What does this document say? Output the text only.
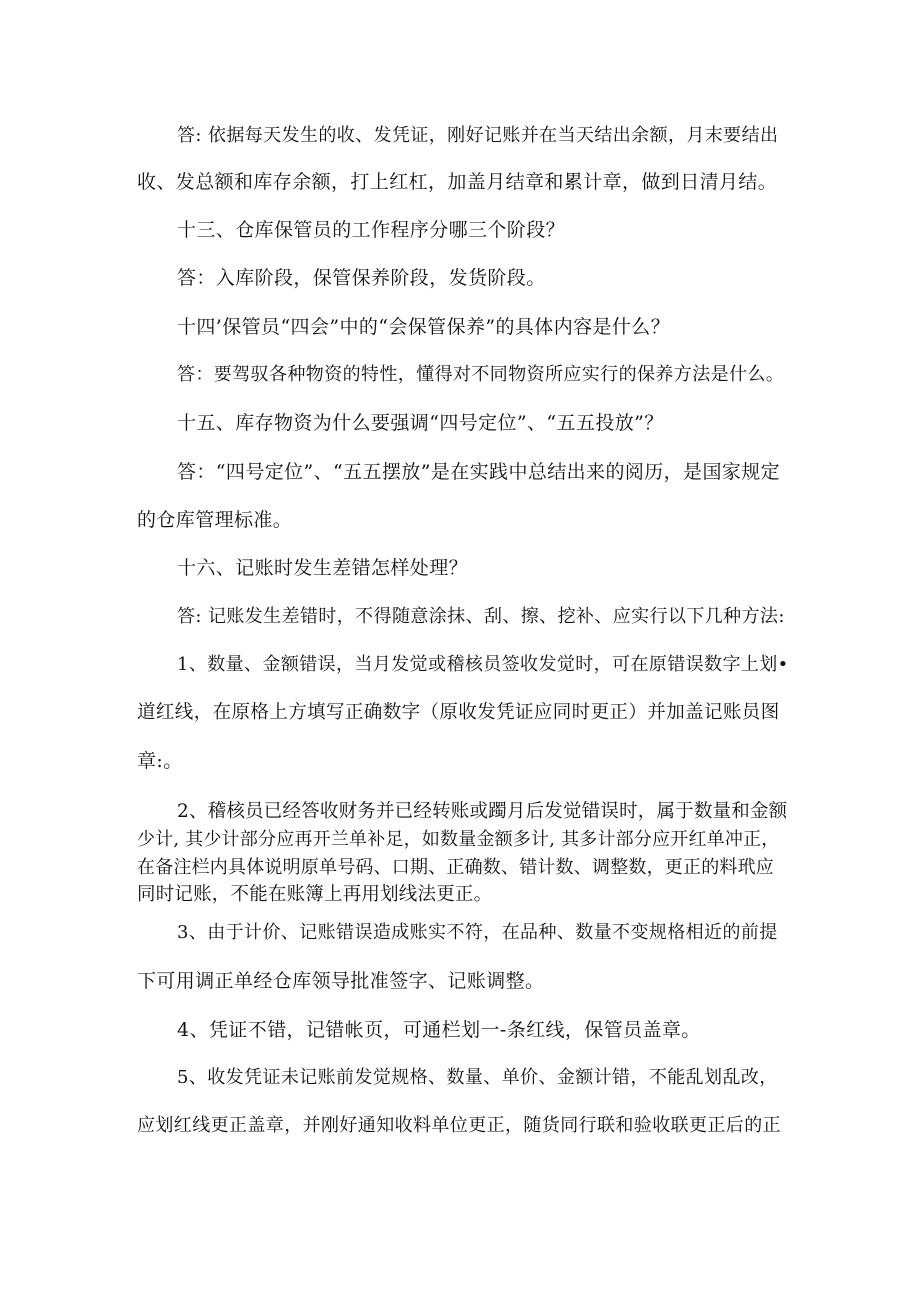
答: 依据每天发生的收、发凭证，刚好记账并在当天结出余额，月末要结出
收、发总额和库存余额，打上红杠，加盖月结章和累计章，做到日清月结。
十三、仓库保管员的工作程序分哪三个阶段？
答：入库阶段，保管保养阶段，发货阶段。
十四’保管员“四会”中的“会保管保养”的具体内容是什么？
答：要驾驭各种物资的特性，懂得对不同物资所应实行的保养方法是什么。
十五、库存物资为什么要强调“四号定位”、“五五投放”？
答：“四号定位”、“五五摆放”是在实践中总结出来的阅历，是国家规定
的仓库管理标准。
十六、记账时发生差错怎样处理？
答: 记账发生差错时，不得随意涂抹、刮、擦、挖补、应实行以下几种方法:
1、数量、金额错误，当月发觉或稽核员签收发觉时，可在原错误数字上划•
道红线，在原格上方填写正确数字（原收发凭证应同时更正）并加盖记账员图
章:。
2、稽核员已经答收财务并已经转账或躅月后发觉错误时，属于数量和金额
少计, 其少计部分应再开兰单补足，如数量金额多计, 其多计部分应开红单冲正，
在备注栏内具体说明原单号码、口期、正确数、错计数、调整数，更正的料玳应
同时记账，不能在账簿上再用划线法更正。
3、由于计价、记账错误造成账实不符，在品种、数量不变规格相近的前提
下可用调正单经仓库领导批准签字、记账调整。
4、凭证不错，记错帐页，可通栏划一-条红线，保管员盖章。
5、收发凭证未记账前发觉规格、数量、单价、金额计错，不能乱划乱改，
应划红线更正盖章，并刚好通知收料单位更正，随货同行联和验收联更正后的正
